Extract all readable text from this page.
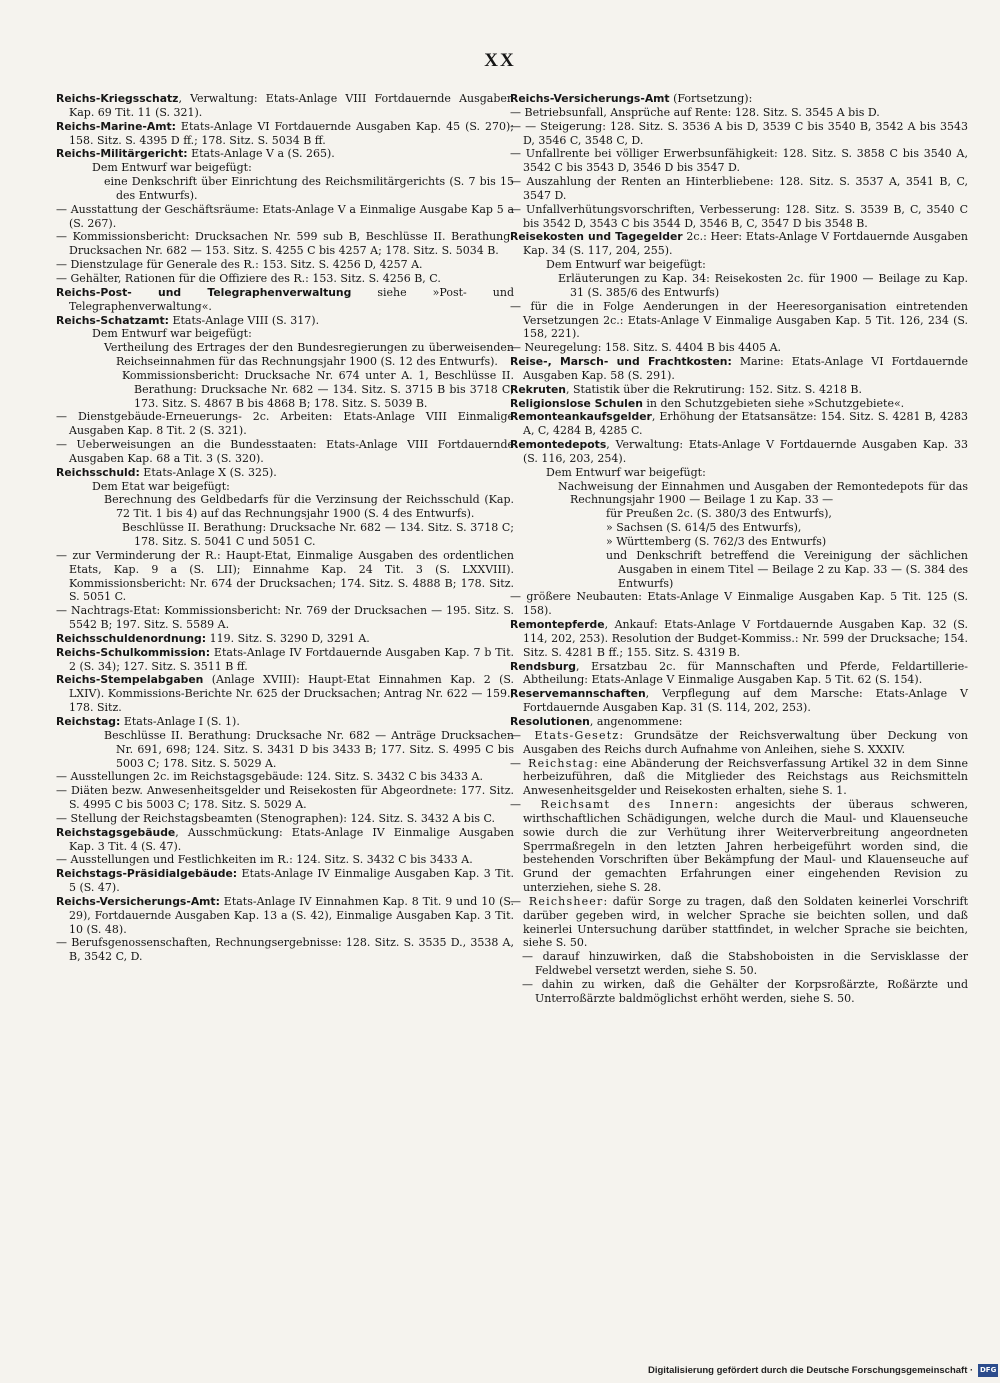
XX

Reichs-Kriegsschatz, Verwaltung: Etats-Anlage VIII Fortdauernde Ausgaben Kap. 69 Tit. 11 (S. 321).

Reichs-Marine-Amt: Etats-Anlage VI Fortdauernde Ausgaben Kap. 45 (S. 270); 158. Sitz. S. 4395 D ff.; 178. Sitz. S. 5034 B ff.

Reichs-Militärgericht: Etats-Anlage V a (S. 265).

Dem Entwurf war beigefügt:

eine Denkschrift über Einrichtung des Reichsmilitärgerichts (S. 7 bis 15 des Entwurfs).

— Ausstattung der Geschäftsräume: Etats-Anlage V a Einmalige Ausgabe Kap 5 a (S. 267).

— Kommissionsbericht: Drucksachen Nr. 599 sub B, Beschlüsse II. Berathung: Drucksachen Nr. 682 — 153. Sitz. S. 4255 C bis 4257 A; 178. Sitz. S. 5034 B.

— Dienstzulage für Generale des R.: 153. Sitz. S. 4256 D, 4257 A.

— Gehälter, Rationen für die Offiziere des R.: 153. Sitz. S. 4256 B, C.

Reichs-Post- und Telegraphenverwaltung siehe »Post- und Telegraphenverwaltung«.

Reichs-Schatzamt: Etats-Anlage VIII (S. 317).

Dem Entwurf war beigefügt:

Vertheilung des Ertrages der den Bundesregierungen zu überweisenden Reichseinnahmen für das Rechnungsjahr 1900 (S. 12 des Entwurfs).

Kommissionsbericht: Drucksache Nr. 674 unter A. 1, Beschlüsse II. Berathung: Drucksache Nr. 682 — 134. Sitz. S. 3715 B bis 3718 C; 173. Sitz. S. 4867 B bis 4868 B; 178. Sitz. S. 5039 B.

— Dienstgebäude-Erneuerungs- 2c. Arbeiten: Etats-Anlage VIII Einmalige Ausgaben Kap. 8 Tit. 2 (S. 321).

— Ueberweisungen an die Bundesstaaten: Etats-Anlage VIII Fortdauernde Ausgaben Kap. 68 a Tit. 3 (S. 320).

Reichsschuld: Etats-Anlage X (S. 325).

Dem Etat war beigefügt:

Berechnung des Geldbedarfs für die Verzinsung der Reichsschuld (Kap. 72 Tit. 1 bis 4) auf das Rechnungsjahr 1900 (S. 4 des Entwurfs).

Beschlüsse II. Berathung: Drucksache Nr. 682 — 134. Sitz. S. 3718 C; 178. Sitz. S. 5041 C und 5051 C.

— zur Verminderung der R.: Haupt-Etat, Einmalige Ausgaben des ordentlichen Etats, Kap. 9 a (S. LII); Einnahme Kap. 24 Tit. 3 (S. LXXVIII). Kommissionsbericht: Nr. 674 der Drucksachen; 174. Sitz. S. 4888 B; 178. Sitz. S. 5051 C.

— Nachtrags-Etat: Kommissionsbericht: Nr. 769 der Drucksachen — 195. Sitz. S. 5542 B; 197. Sitz. S. 5589 A.

Reichsschuldenordnung: 119. Sitz. S. 3290 D, 3291 A.

Reichs-Schulkommission: Etats-Anlage IV Fortdauernde Ausgaben Kap. 7 b Tit. 2 (S. 34); 127. Sitz. S. 3511 B ff.

Reichs-Stempelabgaben (Anlage XVIII): Haupt-Etat Einnahmen Kap. 2 (S. LXIV). Kommissions-Berichte Nr. 625 der Drucksachen; Antrag Nr. 622 — 159., 178. Sitz.

Reichstag: Etats-Anlage I (S. 1).

Beschlüsse II. Berathung: Drucksache Nr. 682 — Anträge Drucksachen Nr. 691, 698; 124. Sitz. S. 3431 D bis 3433 B; 177. Sitz. S. 4995 C bis 5003 C; 178. Sitz. S. 5029 A.

— Ausstellungen 2c. im Reichstagsgebäude: 124. Sitz. S. 3432 C bis 3433 A.

— Diäten bezw. Anwesenheitsgelder und Reisekosten für Abgeordnete: 177. Sitz. S. 4995 C bis 5003 C; 178. Sitz. S. 5029 A.

— Stellung der Reichstagsbeamten (Stenographen): 124. Sitz. S. 3432 A bis C.

Reichstagsgebäude, Ausschmückung: Etats-Anlage IV Einmalige Ausgaben Kap. 3 Tit. 4 (S. 47).

— Ausstellungen und Festlichkeiten im R.: 124. Sitz. S. 3432 C bis 3433 A.

Reichstags-Präsidialgebäude: Etats-Anlage IV Einmalige Ausgaben Kap. 3 Tit. 5 (S. 47).

Reichs-Versicherungs-Amt: Etats-Anlage IV Einnahmen Kap. 8 Tit. 9 und 10 (S. 29), Fortdauernde Ausgaben Kap. 13 a (S. 42), Einmalige Ausgaben Kap. 3 Tit. 10 (S. 48).

— Berufsgenossenschaften, Rechnungsergebnisse: 128. Sitz. S. 3535 D., 3538 A, B, 3542 C, D.

Reichs-Versicherungs-Amt (Fortsetzung):

— Betriebsunfall, Ansprüche auf Rente: 128. Sitz. S. 3545 A bis D.

— — Steigerung: 128. Sitz. S. 3536 A bis D, 3539 C bis 3540 B, 3542 A bis 3543 D, 3546 C, 3548 C, D.

— Unfallrente bei völliger Erwerbsunfähigkeit: 128. Sitz. S. 3858 C bis 3540 A, 3542 C bis 3543 D, 3546 D bis 3547 D.

— Auszahlung der Renten an Hinterbliebene: 128. Sitz. S. 3537 A, 3541 B, C, 3547 D.

— Unfallverhütungsvorschriften, Verbesserung: 128. Sitz. S. 3539 B, C, 3540 C bis 3542 D, 3543 C bis 3544 D, 3546 B, C, 3547 D bis 3548 B.

Reisekosten und Tagegelder 2c.: Heer: Etats-Anlage V Fortdauernde Ausgaben Kap. 34 (S. 117, 204, 255).

Dem Entwurf war beigefügt:

Erläuterungen zu Kap. 34: Reisekosten 2c. für 1900 — Beilage zu Kap. 31 (S. 385/6 des Entwurfs)

— für die in Folge Aenderungen in der Heeresorganisation eintretenden Versetzungen 2c.: Etats-Anlage V Einmalige Ausgaben Kap. 5 Tit. 126, 234 (S. 158, 221).

— Neuregelung: 158. Sitz. S. 4404 B bis 4405 A.

Reise-, Marsch- und Frachtkosten: Marine: Etats-Anlage VI Fortdauernde Ausgaben Kap. 58 (S. 291).

Rekruten, Statistik über die Rekrutirung: 152. Sitz. S. 4218 B.

Religionslose Schulen in den Schutzgebieten siehe »Schutzgebiete«.

Remonteankaufsgelder, Erhöhung der Etatsansätze: 154. Sitz. S. 4281 B, 4283 A, C, 4284 B, 4285 C.

Remontedepots, Verwaltung: Etats-Anlage V Fortdauernde Ausgaben Kap. 33 (S. 116, 203, 254).

Dem Entwurf war beigefügt:

Nachweisung der Einnahmen und Ausgaben der Remontedepots für das Rechnungsjahr 1900 — Beilage 1 zu Kap. 33 —

für Preußen 2c. (S. 380/3 des Entwurfs),

» Sachsen (S. 614/5 des Entwurfs),

» Württemberg (S. 762/3 des Entwurfs)

und Denkschrift betreffend die Vereinigung der sächlichen Ausgaben in einem Titel — Beilage 2 zu Kap. 33 — (S. 384 des Entwurfs)

— größere Neubauten: Etats-Anlage V Einmalige Ausgaben Kap. 5 Tit. 125 (S. 158).

Remontepferde, Ankauf: Etats-Anlage V Fortdauernde Ausgaben Kap. 32 (S. 114, 202, 253). Resolution der Budget-Kommiss.: Nr. 599 der Drucksache; 154. Sitz. S. 4281 B ff.; 155. Sitz. S. 4319 B.

Rendsburg, Ersatzbau 2c. für Mannschaften und Pferde, Feldartillerie-Abtheilung: Etats-Anlage V Einmalige Ausgaben Kap. 5 Tit. 62 (S. 154).

Reservemannschaften, Verpflegung auf dem Marsche: Etats-Anlage V Fortdauernde Ausgaben Kap. 31 (S. 114, 202, 253).

Resolutionen, angenommene:

— Etats-Gesetz: Grundsätze der Reichsverwaltung über Deckung von Ausgaben des Reichs durch Aufnahme von Anleihen, siehe S. XXXIV.

— Reichstag: eine Abänderung der Reichsverfassung Artikel 32 in dem Sinne herbeizuführen, daß die Mitglieder des Reichstags aus Reichsmitteln Anwesenheitsgelder und Reisekosten erhalten, siehe S. 1.

— Reichsamt des Innern: angesichts der überaus schweren, wirthschaftlichen Schädigungen, welche durch die Maul- und Klauenseuche sowie durch die zur Verhütung ihrer Weiterverbreitung angeordneten Sperrmaßregeln in den letzten Jahren herbeigeführt worden sind, die bestehenden Vorschriften über Bekämpfung der Maul- und Klauenseuche auf Grund der gemachten Erfahrungen einer eingehenden Revision zu unterziehen, siehe S. 28.

— Reichsheer: dafür Sorge zu tragen, daß den Soldaten keinerlei Vorschrift darüber gegeben wird, in welcher Sprache sie beichten sollen, und daß keinerlei Untersuchung darüber stattfindet, in welcher Sprache sie beichten, siehe S. 50.

— darauf hinzuwirken, daß die Stabshoboisten in die Servisklasse der Feldwebel versetzt werden, siehe S. 50.

— dahin zu wirken, daß die Gehälter der Korpsroßärzte, Roßärzte und Unterroßärzte baldmöglichst erhöht werden, siehe S. 50.

Digitalisierung gefördert durch die Deutsche Forschungsgemeinschaft · DFG
